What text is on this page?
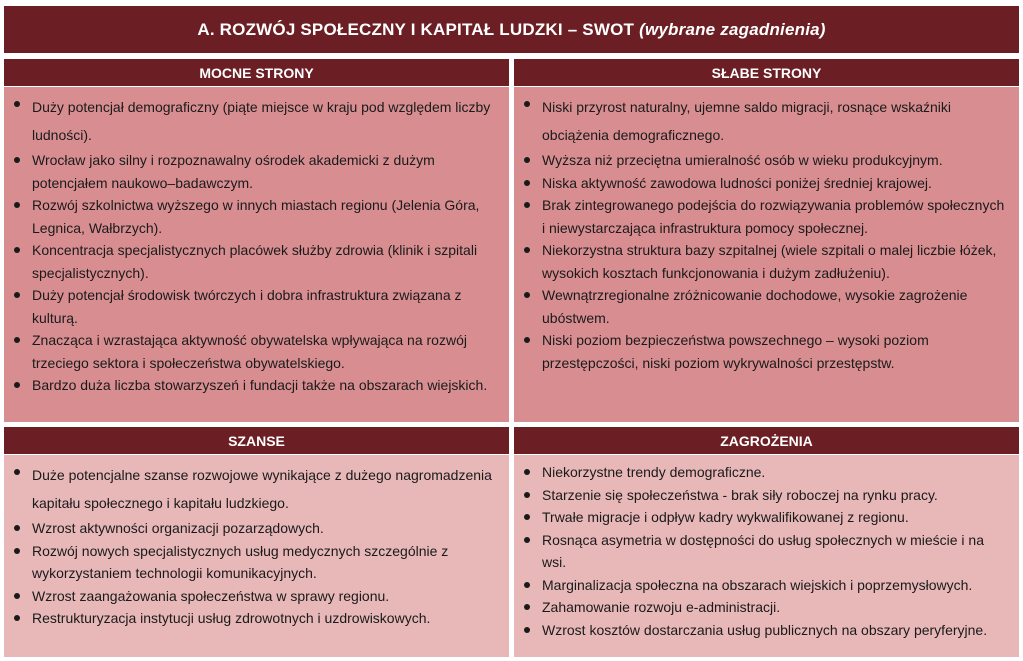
A. ROZWÓJ SPOŁECZNY I KAPITAŁ LUDZKI – SWOT (wybrane zagadnienia)
MOCNE STRONY
Duży potencjał demograficzny (piąte miejsce w kraju pod względem liczby ludności).
Wrocław jako silny i rozpoznawalny ośrodek akademicki z dużym potencjałem naukowo–badawczym.
Rozwój szkolnictwa wyższego w innych miastach regionu (Jelenia Góra, Legnica, Wałbrzych).
Koncentracja specjalistycznych placówek służby zdrowia (klinik i szpitali specjalistycznych).
Duży potencjał środowisk twórczych i dobra infrastruktura związana z kulturą.
Znacząca i wzrastająca aktywność obywatelska wpływająca na rozwój trzeciego sektora i społeczeństwa obywatelskiego.
Bardzo duża liczba stowarzyszeń i fundacji także na obszarach wiejskich.
SŁABE STRONY
Niski przyrost naturalny, ujemne saldo migracji, rosnące wskaźniki obciążenia demograficznego.
Wyższa niż przeciętna umieralność osób w wieku produkcyjnym.
Niska aktywność zawodowa ludności poniżej średniej krajowej.
Brak zintegrowanego podejścia do rozwiązywania problemów społecznych i niewystarczająca infrastruktura pomocy społecznej.
Niekorzystna struktura bazy szpitalnej (wiele szpitali o malej liczbie łóżek, wysokich kosztach funkcjonowania i dużym zadłużeniu).
Wewnątrzregionalne zróżnicowanie dochodowe, wysokie zagrożenie ubóstwem.
Niski poziom bezpieczeństwa powszechnego – wysoki poziom przestępczości, niski poziom wykrywalności przestępstw.
SZANSE
Duże potencjalne szanse rozwojowe wynikające z dużego nagromadzenia kapitału społecznego i kapitału ludzkiego.
Wzrost aktywności organizacji pozarządowych.
Rozwój nowych specjalistycznych usług medycznych szczególnie z wykorzystaniem technologii komunikacyjnych.
Wzrost zaangażowania społeczeństwa w sprawy regionu.
Restrukturyzacja instytucji usług zdrowotnych i uzdrowiskowych.
ZAGROŻENIA
Niekorzystne trendy demograficzne.
Starzenie się społeczeństwa - brak siły roboczej na rynku pracy.
Trwałe migracje i odpływ kadry wykwalifikowanej z regionu.
Rosnąca asymetria w dostępności do usług społecznych w mieście i na wsi.
Marginalizacja społeczna na obszarach wiejskich i poprzemysłowych.
Zahamowanie rozwoju e-administracji.
Wzrost kosztów dostarczania usług publicznych na obszary peryferyjne.
